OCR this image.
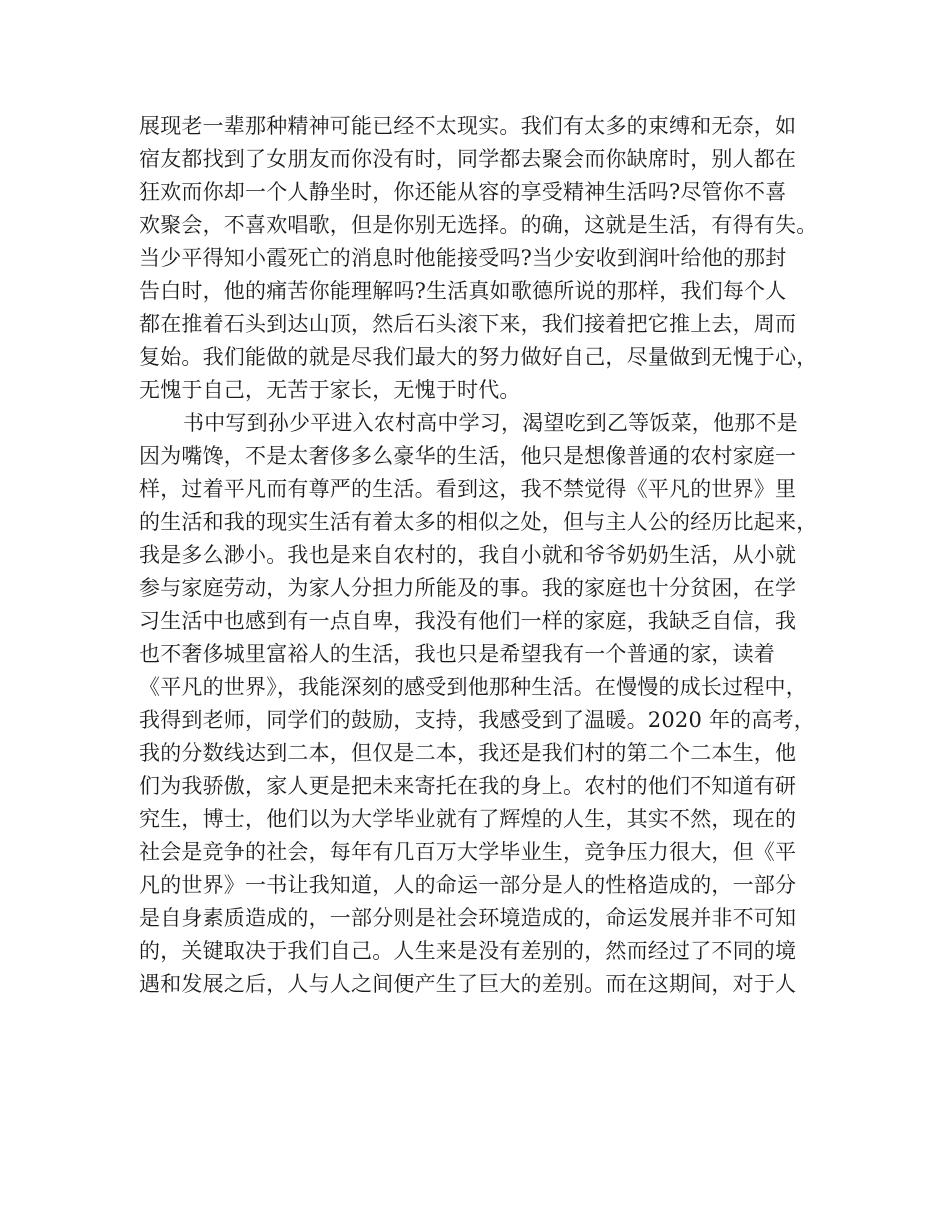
展现老一辈那种精神可能已经不太现实。我们有太多的束缚和无奈，如
宿友都找到了女朋友而你没有时，同学都去聚会而你缺席时，别人都在
狂欢而你却一个人静坐时，你还能从容的享受精神生活吗?尽管你不喜
欢聚会，不喜欢唱歌，但是你别无选择。的确，这就是生活，有得有失。
当少平得知小霞死亡的消息时他能接受吗?当少安收到润叶给他的那封
告白时，他的痛苦你能理解吗?生活真如歌德所说的那样，我们每个人
都在推着石头到达山顶，然后石头滚下来，我们接着把它推上去，周而
复始。我们能做的就是尽我们最大的努力做好自己，尽量做到无愧于心，
无愧于自己，无苦于家长，无愧于时代。
书中写到孙少平进入农村高中学习，渴望吃到乙等饭菜，他那不是
因为嘴馋，不是太奢侈多么豪华的生活，他只是想像普通的农村家庭一
样，过着平凡而有尊严的生活。看到这，我不禁觉得《平凡的世界》里
的生活和我的现实生活有着太多的相似之处，但与主人公的经历比起来，
我是多么渺小。我也是来自农村的，我自小就和爷爷奶奶生活，从小就
参与家庭劳动，为家人分担力所能及的事。我的家庭也十分贫困，在学
习生活中也感到有一点自卑，我没有他们一样的家庭，我缺乏自信，我
也不奢侈城里富裕人的生活，我也只是希望我有一个普通的家，读着
《平凡的世界》，我能深刻的感受到他那种生活。在慢慢的成长过程中，
我得到老师，同学们的鼓励，支持，我感受到了温暖。2020 年的高考，
我的分数线达到二本，但仅是二本，我还是我们村的第二个二本生，他
们为我骄傲，家人更是把未来寄托在我的身上。农村的他们不知道有研
究生，博士，他们以为大学毕业就有了辉煌的人生，其实不然，现在的
社会是竞争的社会，每年有几百万大学毕业生，竞争压力很大，但《平
凡的世界》一书让我知道，人的命运一部分是人的性格造成的，一部分
是自身素质造成的，一部分则是社会环境造成的，命运发展并非不可知
的，关键取决于我们自己。人生来是没有差别的，然而经过了不同的境
遇和发展之后，人与人之间便产生了巨大的差别。而在这期间，对于人
